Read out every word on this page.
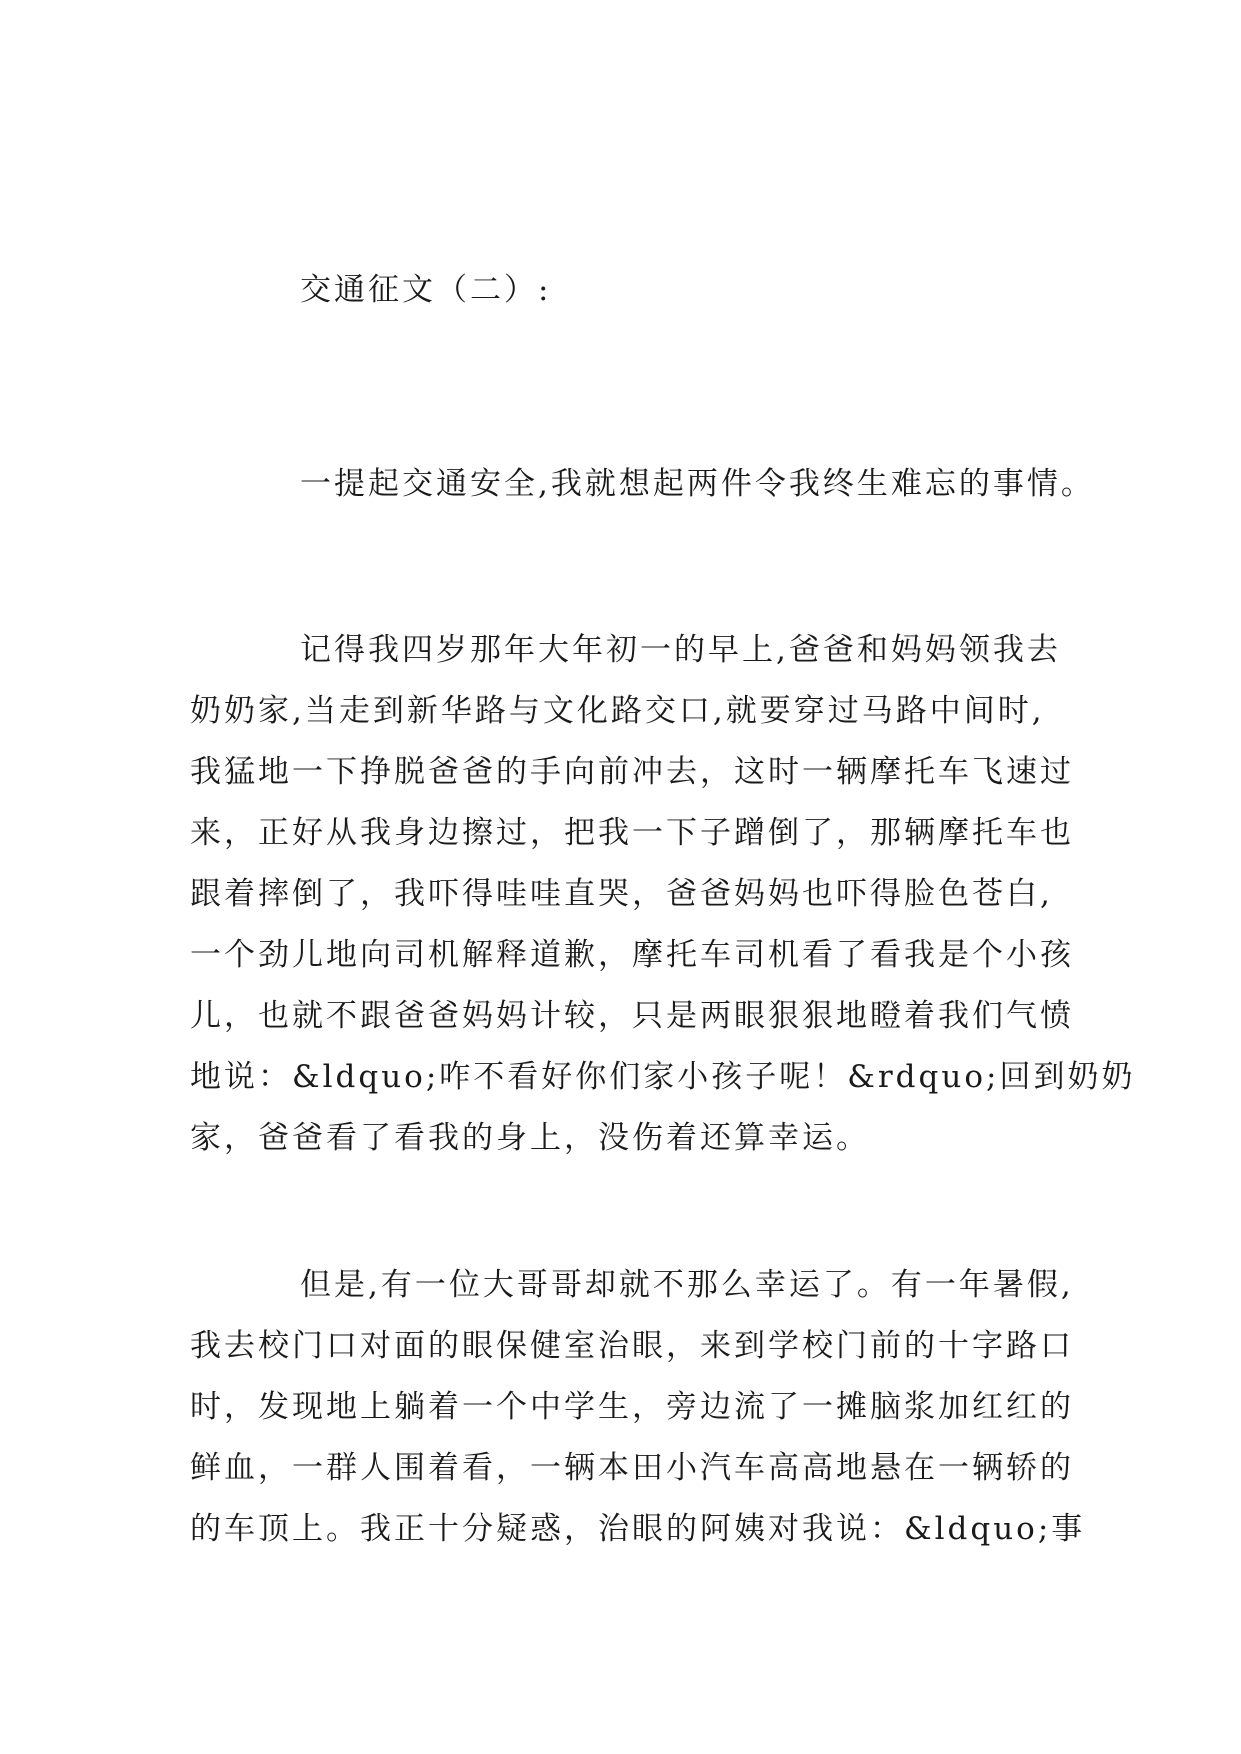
交通征文（二）:

一提起交通安全,我就想起两件令我终生难忘的事情。

记得我四岁那年大年初一的早上,爸爸和妈妈领我去
奶奶家,当走到新华路与文化路交口,就要穿过马路中间时,
我猛地一下挣脱爸爸的手向前冲去，这时一辆摩托车飞速过
来，正好从我身边擦过，把我一下子蹭倒了，那辆摩托车也
跟着摔倒了，我吓得哇哇直哭，爸爸妈妈也吓得脸色苍白,
一个劲儿地向司机解释道歉，摩托车司机看了看我是个小孩
儿，也就不跟爸爸妈妈计较，只是两眼狠狠地瞪着我们气愤
地说：&ldquo;咋不看好你们家小孩子呢！&rdquo;回到奶奶
家，爸爸看了看我的身上，没伤着还算幸运。

但是,有一位大哥哥却就不那么幸运了。有一年暑假,
我去校门口对面的眼保健室治眼，来到学校门前的十字路口
时，发现地上躺着一个中学生，旁边流了一摊脑浆加红红的
鲜血，一群人围着看，一辆本田小汽车高高地悬在一辆轿的
的车顶上。我正十分疑惑，治眼的阿姨对我说：&ldquo;事
